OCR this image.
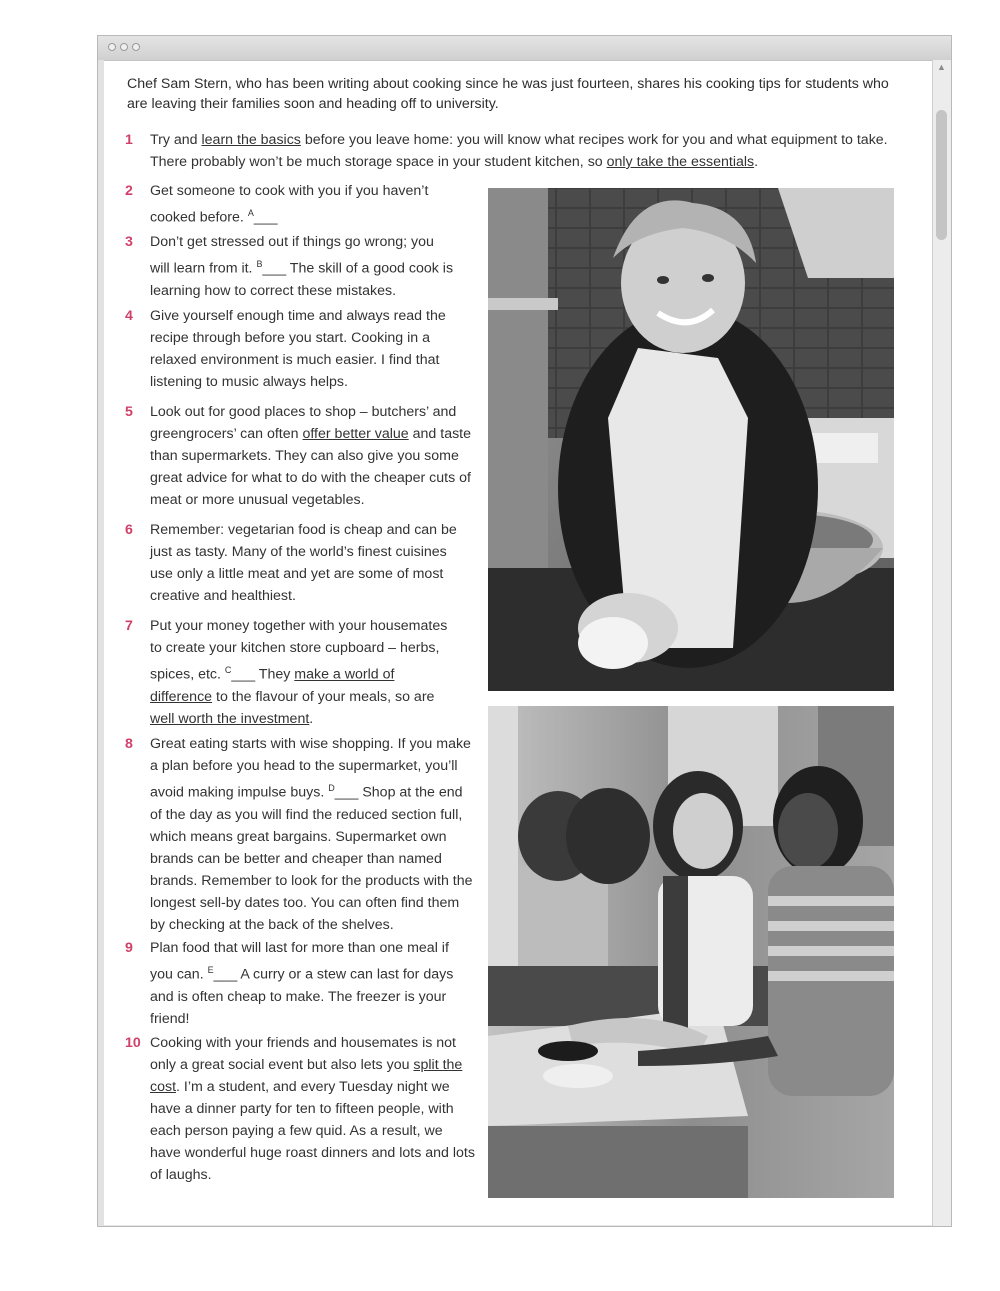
▲
Chef Sam Stern, who has been writing about cooking since he was just fourteen, shares his cooking tips for students who are leaving their families soon and heading off to university.
1	Try and learn the basics before you leave home: you will know what recipes work for you and what equipment to take. There probably won’t be much storage space in your student kitchen, so only take the essentials.
2	Get someone to cook with you if you haven’t cooked before. $^A$___
3	Don’t get stressed out if things go wrong; you will learn from it. $^B$___ The skill of a good cook is learning how to correct these mistakes.
4	Give yourself enough time and always read the recipe through before you start. Cooking in a relaxed environment is much easier. I find that listening to music always helps.
5	Look out for good places to shop – butchers’ and greengrocers’ can often offer better value and taste than supermarkets. They can also give you some great advice for what to do with the cheaper cuts of meat or more unusual vegetables.
6	Remember: vegetarian food is cheap and can be just as tasty. Many of the world’s finest cuisines use only a little meat and yet are some of most creative and healthiest.
7	Put your money together with your housemates to create your kitchen store cupboard – herbs, spices, etc. $^C$___ They make a world of difference to the flavour of your meals, so are well worth the investment.
8	Great eating starts with wise shopping. If you make a plan before you head to the supermarket, you’ll avoid making impulse buys. $^D$___ Shop at the end of the day as you will find the reduced section full, which means great bargains. Supermarket own brands can be better and cheaper than named brands. Remember to look for the products with the longest sell-by dates too. You can often find them by checking at the back of the shelves.
9	Plan food that will last for more than one meal if you can. $^E$___ A curry or a stew can last for days and is often cheap to make. The freezer is your friend!
10 Cooking with your friends and housemates is not only a great social event but also lets you split the cost. I’m a student, and every Tuesday night we have a dinner party for ten to fifteen people, with each person paying a few quid. As a result, we have wonderful huge roast dinners and lots and lots of laughs.
